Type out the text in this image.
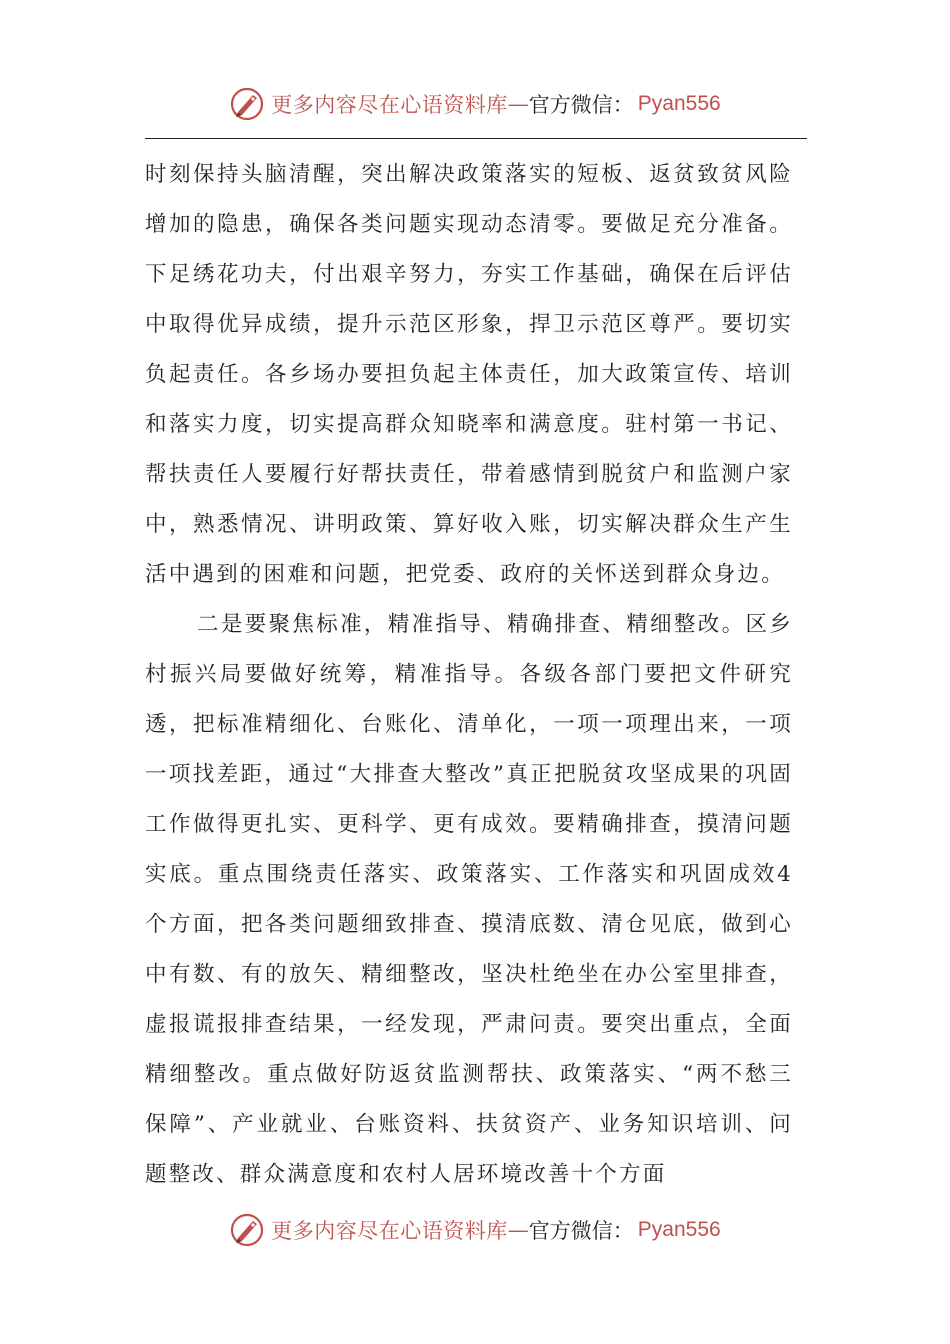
更多内容尽在心语资料库 — 官方微信： Pyan556

时刻保持头脑清醒，突出解决政策落实的短板、返贫致贫风险增加的隐患，确保各类问题实现动态清零。要做足充分准备。下足绣花功夫，付出艰辛努力，夯实工作基础，确保在后评估中取得优异成绩，提升示范区形象，捍卫示范区尊严。要切实负起责任。各乡场办要担负起主体责任，加大政策宣传、培训和落实力度，切实提高群众知晓率和满意度。驻村第一书记、帮扶责任人要履行好帮扶责任，带着感情到脱贫户和监测户家中，熟悉情况、讲明政策、算好收入账，切实解决群众生产生活中遇到的困难和问题，把党委、政府的关怀送到群众身边。

二是要聚焦标准，精准指导、精确排查、精细整改。区乡村振兴局要做好统筹，精准指导。各级各部门要把文件研究透，把标准精细化、台账化、清单化，一项一项理出来，一项一项找差距，通过“大排查大整改”真正把脱贫攻坚成果的巩固工作做得更扎实、更科学、更有成效。要精确排查，摸清问题实底。重点围绕责任落实、政策落实、工作落实和巩固成效4个方面，把各类问题细致排查、摸清底数、清仓见底，做到心中有数、有的放矢、精细整改，坚决杜绝坐在办公室里排查，虚报谎报排查结果，一经发现，严肃问责。要突出重点，全面精细整改。重点做好防返贫监测帮扶、政策落实、“两不愁三保障”、产业就业、台账资料、扶贫资产、业务知识培训、问题整改、群众满意度和农村人居环境改善十个方面

更多内容尽在心语资料库 — 官方微信： Pyan556
